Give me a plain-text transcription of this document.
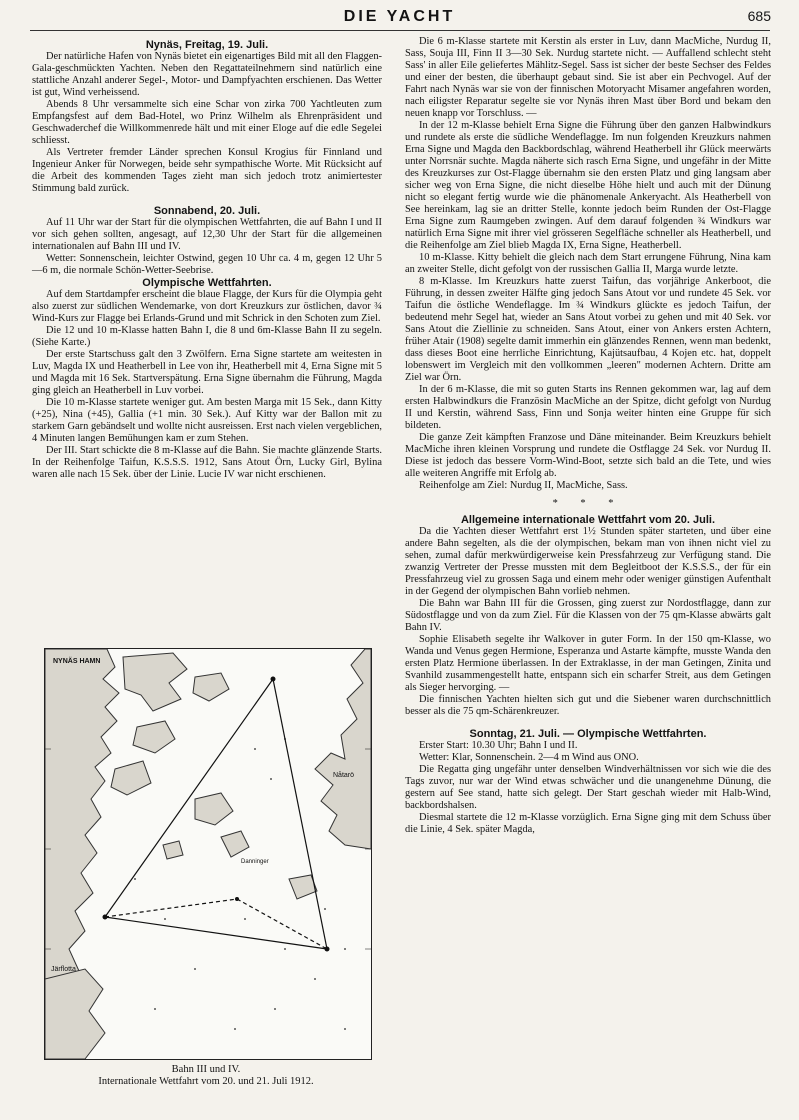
DIE YACHT	685
Nynäs, Freitag, 19. Juli.

Der natürliche Hafen von Nynäs bietet ein eigenartiges Bild mit all den Flaggen-Gala-geschmückten Yachten. Neben den Regattateilnehmern sind natürlich eine stattliche Anzahl anderer Segel-, Motor- und Dampfyachten erschienen. Das Wetter ist gut, Wind verheissend.

Abends 8 Uhr versammelte sich eine Schar von zirka 700 Yachtleuten zum Empfangsfest auf dem Bad-Hotel, wo Prinz Wilhelm als Ehrenpräsident und Geschwaderchef die Willkommenrede hält und mit einer Eloge auf die edle Segelei schliesst.

Als Vertreter fremder Länder sprechen Konsul Krogius für Finnland und Ingenieur Anker für Norwegen, beide sehr sympathische Worte. Mit Rücksicht auf die Arbeit des kommenden Tages zieht man sich jedoch trotz animiertester Stimmung bald zurück.

Sonnabend, 20. Juli.

Auf 11 Uhr war der Start für die olympischen Wettfahrten, die auf Bahn I und II vor sich gehen sollten, angesagt, auf 12,30 Uhr der Start für die allgemeinen internationalen auf Bahn III und IV.

Wetter: Sonnenschein, leichter Ostwind, gegen 10 Uhr ca. 4 m, gegen 12 Uhr 5—6 m, die normale Schön-Wetter-Seebrise.

Olympische Wettfahrten.

Auf dem Startdampfer erscheint die blaue Flagge, der Kurs für die Olympia geht also zuerst zur südlichen Wendemarke, von dort Kreuzkurs zur östlichen, davor ¾ Wind-Kurs zur Flagge bei Erlands-Grund und mit Schrick in den Schoten zum Ziel.

Die 12 und 10 m-Klasse hatten Bahn I, die 8 und 6m-Klasse Bahn II zu segeln. (Siehe Karte.)

Der erste Startschuss galt den 3 Zwölfern. Erna Signe startete am weitesten in Luv, Magda IX und Heatherbell in Lee von ihr, Heatherbell mit 4, Erna Signe mit 5 und Magda mit 16 Sek. Startverspätung. Erna Signe übernahm die Führung, Magda ging gleich an Heatherbell in Luv vorbei.

Die 10 m-Klasse startete weniger gut. Am besten Marga mit 15 Sek., dann Kitty (+25), Nina (+45), Gallia (+1 min. 30 Sek.). Auf Kitty war der Ballon mit zu starkem Garn gebändselt und wollte nicht ausreissen. Erst nach vielen vergeblichen, 4 Minuten langen Bemühungen kam er zum Stehen.

Der III. Start schickte die 8 m-Klasse auf die Bahn. Sie machte glänzende Starts. In der Reihenfolge Taifun, K.S.S.S. 1912, Sans Atout Örn, Lucky Girl, Bylina waren alle nach 15 Sek. über der Linie. Lucie IV war nicht erschienen.

NYNÄS HAMN
Nåtarö
Järflotta
Danninger
Bahn III und IV.
Internationale Wettfahrt vom 20. und 21. Juli 1912.

Die 6 m-Klasse startete mit Kerstin als erster in Luv, dann MacMiche, Nurdug II, Sass, Souja III, Finn II 3—30 Sek. Nurdug startete nicht. — Auffallend schlecht steht Sass' in aller Eile geliefertes Mählitz-Segel. Sass ist sicher der beste Sechser des Feldes und einer der besten, die überhaupt gebaut sind. Sie ist aber ein Pechvogel. Auf der Fahrt nach Nynäs war sie von der finnischen Motoryacht Misamer angefahren worden, nach eiligster Reparatur segelte sie vor Nynäs ihren Mast über Bord und bekam den neuen knapp vor Torschluss. —

In der 12 m-Klasse behielt Erna Signe die Führung über den ganzen Halbwindkurs und rundete als erste die südliche Wendeflagge. Im nun folgenden Kreuzkurs nahmen Erna Signe und Magda den Backbordschlag, während Heatherbell ihr Glück meerwärts unter Norrsnär suchte. Magda näherte sich rasch Erna Signe, und ungefähr in der Mitte des Kreuzkurses zur Ost-Flagge übernahm sie den ersten Platz und ging langsam aber sicher weg von Erna Signe, die nicht dieselbe Höhe hielt und auch mit der Dünung nicht so elegant fertig wurde wie die phänomenale Ankeryacht. Als Heatherbell von See hereinkam, lag sie an dritter Stelle, konnte jedoch beim Runden der Ost-Flagge Erna Signe zum Raumgeben zwingen. Auf dem darauf folgenden ¾ Windkurs war natürlich Erna Signe mit ihrer viel grösseren Segelfläche schneller als Heatherbell, und die Reihenfolge am Ziel blieb Magda IX, Erna Signe, Heatherbell.

10 m-Klasse. Kitty behielt die gleich nach dem Start errungene Führung, Nina kam an zweiter Stelle, dicht gefolgt von der russischen Gallia II, Marga wurde letzte.

8 m-Klasse. Im Kreuzkurs hatte zuerst Taifun, das vorjährige Ankerboot, die Führung, in dessen zweiter Hälfte ging jedoch Sans Atout vor und rundete 45 Sek. vor Taifun die östliche Wendeflagge. Im ¾ Windkurs glückte es jedoch Taifun, der bedeutend mehr Segel hat, wieder an Sans Atout vorbei zu gehen und mit 40 Sek. vor Sans Atout die Ziellinie zu schneiden. Sans Atout, einer von Ankers ersten Achtern, früher Atair (1908) segelte damit immerhin ein glänzendes Rennen, wenn man bedenkt, dass dieses Boot eine herrliche Einrichtung, Kajütsaufbau, 4 Kojen etc. hat, doppelt lobenswert im Vergleich mit den vollkommen „leeren" modernen Achtern. Dritte am Ziel war Örn.

In der 6 m-Klasse, die mit so guten Starts ins Rennen gekommen war, lag auf dem ersten Halbwindkurs die Französin MacMiche an der Spitze, dicht gefolgt von Nurdug II und Kerstin, während Sass, Finn und Sonja weiter hinten eine Gruppe für sich bildeten.

Die ganze Zeit kämpften Franzose und Däne miteinander. Beim Kreuzkurs behielt MacMiche ihren kleinen Vorsprung und rundete die Ostflagge 24 Sek. vor Nurdug II. Diese ist jedoch das bessere Vorm-Wind-Boot, setzte sich bald an die Tete, und wies alle weiteren Angriffe mit Erfolg ab.

Reihenfolge am Ziel: Nurdug II, MacMiche, Sass.

* * *
Allgemeine internationale Wettfahrt vom 20. Juli.

Da die Yachten dieser Wettfahrt erst 1½ Stunden später starteten, und über eine andere Bahn segelten, als die der olympischen, bekam man von ihnen nicht viel zu sehen, zumal dafür merkwürdigerweise kein Pressfahrzeug zur Verfügung stand. Die zwanzig Vertreter der Presse mussten mit dem Begleitboot der K.S.S.S., der für ein Pressfahrzeug viel zu grossen Saga und einem mehr oder weniger günstigen Aufenthalt in der Gegend der olympischen Bahn vorlieb nehmen.

Die Bahn war Bahn III für die Grossen, ging zuerst zur Nordostflagge, dann zur Südostflagge und von da zum Ziel. Für die Klassen von der 75 qm-Klasse abwärts galt Bahn IV.

Sophie Elisabeth segelte ihr Walkover in guter Form. In der 150 qm-Klasse, wo Wanda und Venus gegen Hermione, Esperanza und Astarte kämpfte, musste Wanda den ersten Platz Hermione überlassen. In der Extraklasse, in der man Getingen, Zinita und Svanhild zusammengestellt hatte, entspann sich ein scharfer Streit, aus dem Getingen als Sieger hervorging. —

Die finnischen Yachten hielten sich gut und die Siebener waren durchschnittlich besser als die 75 qm-Schärenkreuzer.

Sonntag, 21. Juli. — Olympische Wettfahrten.

Erster Start: 10.30 Uhr; Bahn I und II.

Wetter: Klar, Sonnenschein. 2—4 m Wind aus ONO.

Die Regatta ging ungefähr unter denselben Windverhältnissen vor sich wie die des Tags zuvor, nur war der Wind etwas schwächer und die unangenehme Dünung, die gestern auf See stand, hatte sich gelegt. Der Start geschah wieder mit Halb-Wind, backbordshalsen.

Diesmal startete die 12 m-Klasse vorzüglich. Erna Signe ging mit dem Schuss über die Linie, 4 Sek. später Magda,
